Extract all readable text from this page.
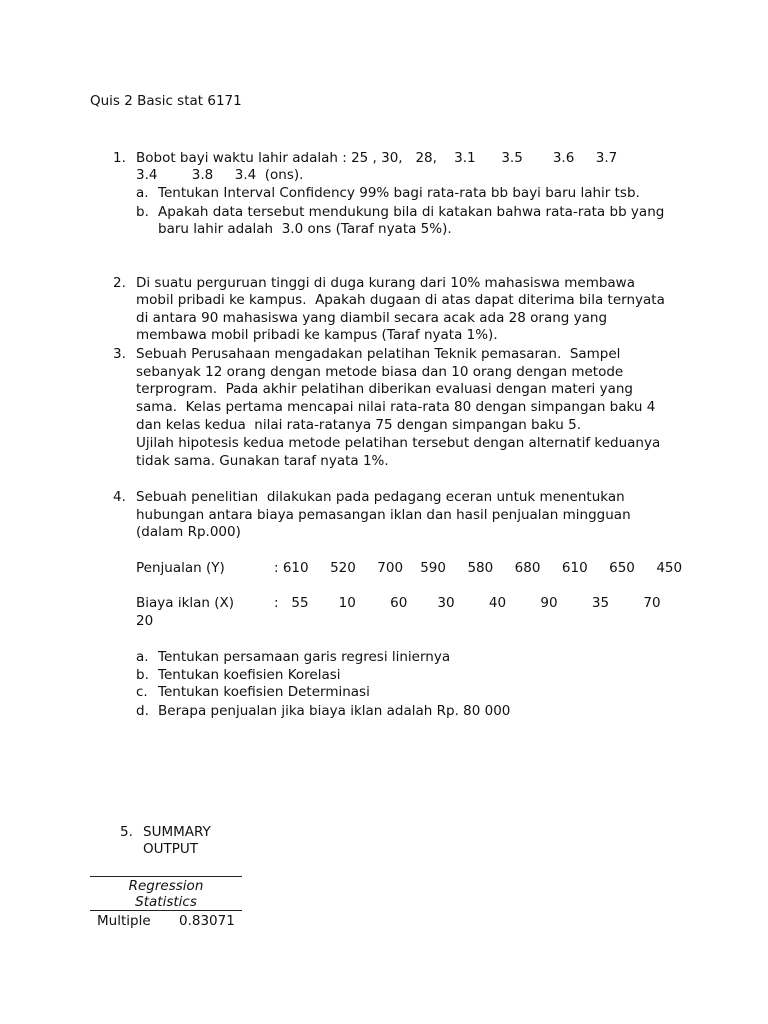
Quis 2 Basic stat 6171
1. Bobot bayi waktu lahir adalah : 25 , 30,   28,    3.1      3.5       3.6     3.7
3.4        3.8     3.4  (ons).
a. Tentukan Interval Confidency 99% bagi rata-rata bb bayi baru lahir tsb.
b. Apakah data tersebut mendukung bila di katakan bahwa rata-rata bb yang
baru lahir adalah  3.0 ons (Taraf nyata 5%).
2. Di suatu perguruan tinggi di duga kurang dari 10% mahasiswa membawa
mobil pribadi ke kampus.  Apakah dugaan di atas dapat diterima bila ternyata
di antara 90 mahasiswa yang diambil secara acak ada 28 orang yang
membawa mobil pribadi ke kampus (Taraf nyata 1%).
3. Sebuah Perusahaan mengadakan pelatihan Teknik pemasaran.  Sampel
sebanyak 12 orang dengan metode biasa dan 10 orang dengan metode
terprogram.  Pada akhir pelatihan diberikan evaluasi dengan materi yang
sama.  Kelas pertama mencapai nilai rata-rata 80 dengan simpangan baku 4
dan kelas kedua  nilai rata-ratanya 75 dengan simpangan baku 5.
Ujilah hipotesis kedua metode pelatihan tersebut dengan alternatif keduanya
tidak sama. Gunakan taraf nyata 1%.
4. Sebuah penelitian  dilakukan pada pedagang eceran untuk menentukan
hubungan antara biaya pemasangan iklan dan hasil penjualan mingguan
(dalam Rp.000)
Penjualan (Y)	: 610     520     700    590     580     680     610     650     450
Biaya iklan (X)	:   55       10        60       30        40        90        35        70
20
a. Tentukan persamaan garis regresi liniernya
b. Tentukan koefisien Korelasi
c. Tentukan koefisien Determinasi
d. Berapa penjualan jika biaya iklan adalah Rp. 80 000
5. SUMMARY
OUTPUT
Regression
Statistics
Multiple 0.83071
